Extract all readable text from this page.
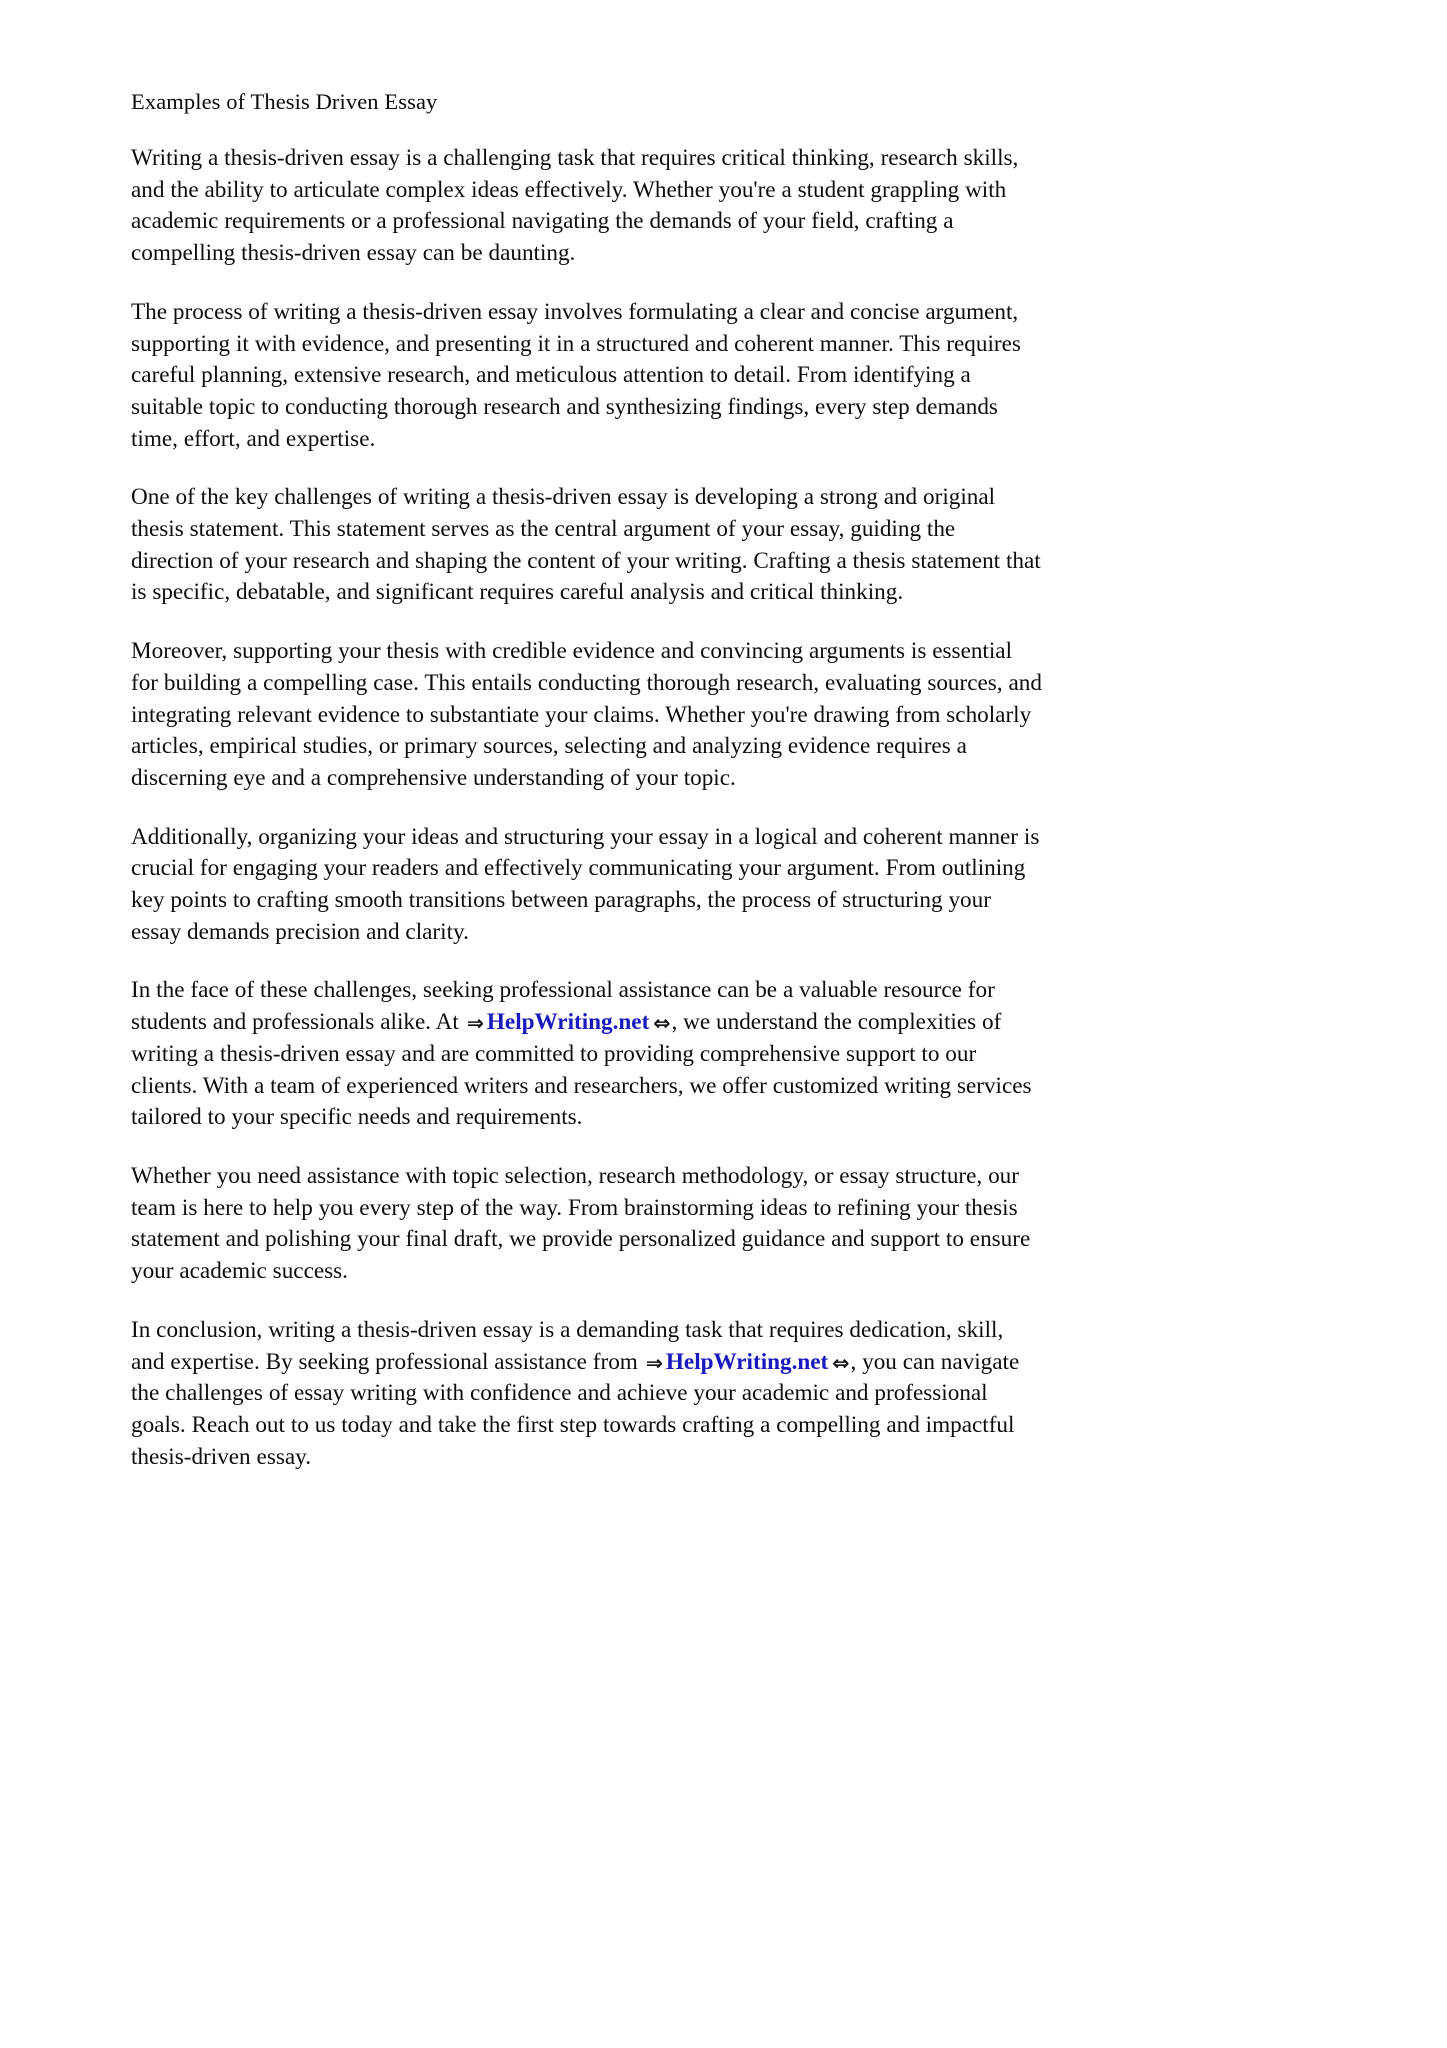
Examples of Thesis Driven Essay

Writing a thesis-driven essay is a challenging task that requires critical thinking, research skills, and the ability to articulate complex ideas effectively. Whether you're a student grappling with academic requirements or a professional navigating the demands of your field, crafting a compelling thesis-driven essay can be daunting.

The process of writing a thesis-driven essay involves formulating a clear and concise argument, supporting it with evidence, and presenting it in a structured and coherent manner. This requires careful planning, extensive research, and meticulous attention to detail. From identifying a suitable topic to conducting thorough research and synthesizing findings, every step demands time, effort, and expertise.

One of the key challenges of writing a thesis-driven essay is developing a strong and original thesis statement. This statement serves as the central argument of your essay, guiding the direction of your research and shaping the content of your writing. Crafting a thesis statement that is specific, debatable, and significant requires careful analysis and critical thinking.

Moreover, supporting your thesis with credible evidence and convincing arguments is essential for building a compelling case. This entails conducting thorough research, evaluating sources, and integrating relevant evidence to substantiate your claims. Whether you're drawing from scholarly articles, empirical studies, or primary sources, selecting and analyzing evidence requires a discerning eye and a comprehensive understanding of your topic.

Additionally, organizing your ideas and structuring your essay in a logical and coherent manner is crucial for engaging your readers and effectively communicating your argument. From outlining key points to crafting smooth transitions between paragraphs, the process of structuring your essay demands precision and clarity.

In the face of these challenges, seeking professional assistance can be a valuable resource for students and professionals alike. At ⇒ HelpWriting.net ⇔, we understand the complexities of writing a thesis-driven essay and are committed to providing comprehensive support to our clients. With a team of experienced writers and researchers, we offer customized writing services tailored to your specific needs and requirements.

Whether you need assistance with topic selection, research methodology, or essay structure, our team is here to help you every step of the way. From brainstorming ideas to refining your thesis statement and polishing your final draft, we provide personalized guidance and support to ensure your academic success.

In conclusion, writing a thesis-driven essay is a demanding task that requires dedication, skill, and expertise. By seeking professional assistance from ⇒ HelpWriting.net ⇔, you can navigate the challenges of essay writing with confidence and achieve your academic and professional goals. Reach out to us today and take the first step towards crafting a compelling and impactful thesis-driven essay.
